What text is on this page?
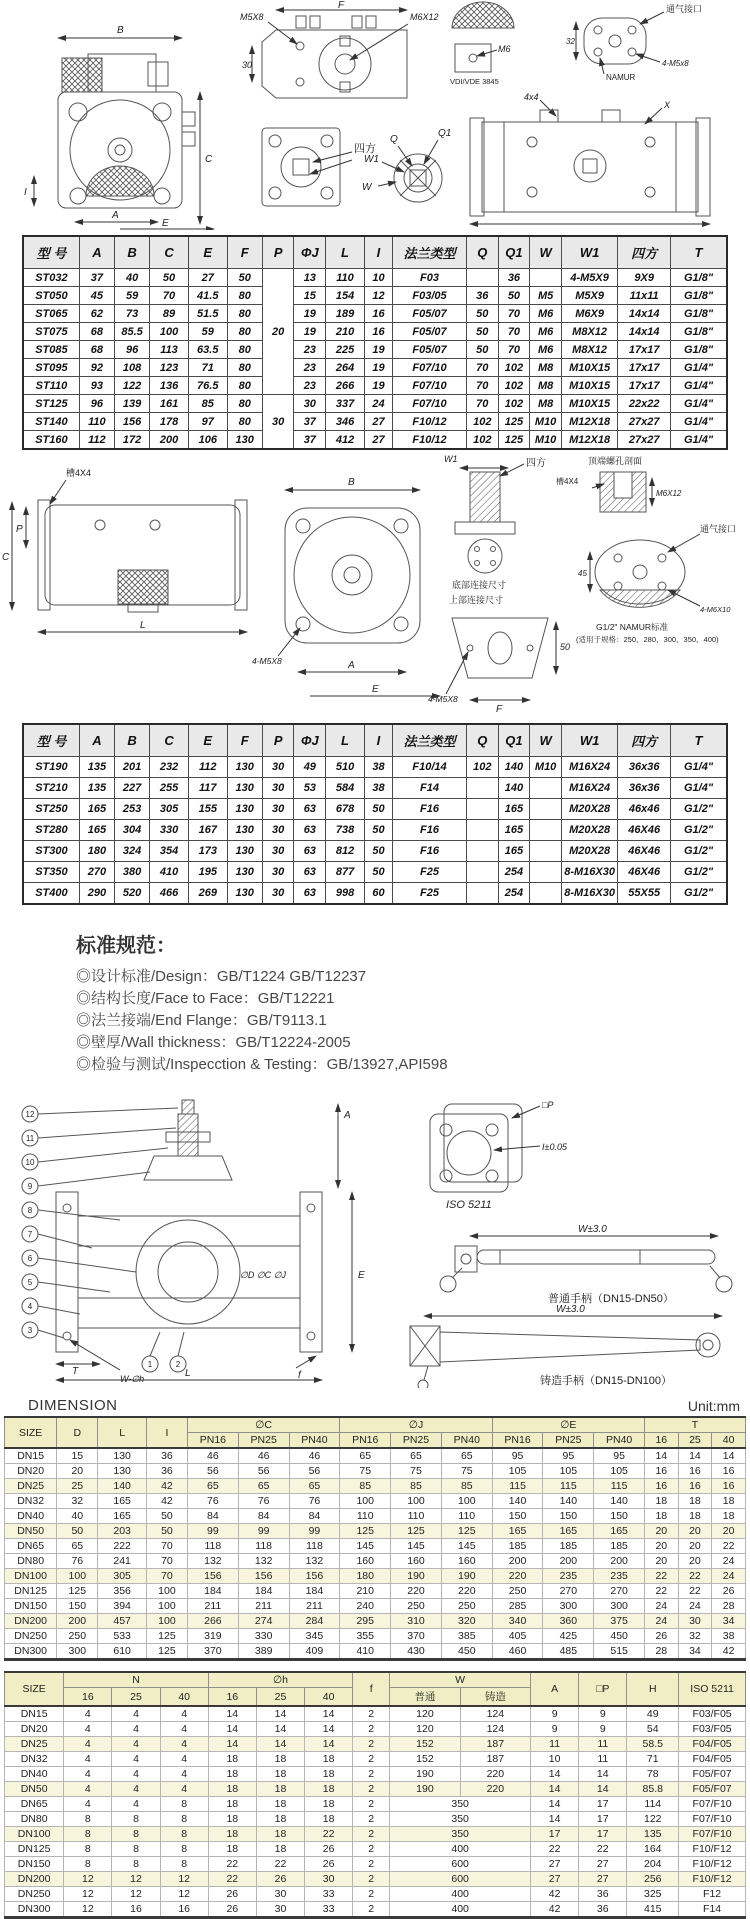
B
C
A
E
I
F
M5X8	M6X12
30
四方
Q
Q1
W1
W
M6
VDI/VDE 3845
4x4
通气接口
4-M5x8
32
NAMUR
X
型 号	A	B	C	E	F	P	ΦJ	L	I	法兰类型	Q	Q1	W	W1	四方	T
ST032	37	40	50	27	50	20	13	110	10	F03		36		4-M5X9	9X9	G1/8"
ST050	45	59	70	41.5	80		15	154	12	F03/05	36	50	M5	M5X9	11x11	G1/8"
ST065	62	73	89	51.5	80		19	189	16	F05/07	50	70	M6	M6X9	14x14	G1/8"
ST075	68	85.5	100	59	80		19	210	16	F05/07	50	70	M6	M8X12	14x14	G1/8"
ST085	68	96	113	63.5	80		23	225	19	F05/07	50	70	M6	M8X12	17x17	G1/8"
ST095	92	108	123	71	80		23	264	19	F07/10	70	102	M8	M10X15	17x17	G1/4"
ST110	93	122	136	76.5	80		23	266	19	F07/10	70	102	M8	M10X15	17x17	G1/4"
ST125	96	139	161	85	80	30	30	337	24	F07/10	70	102	M8	M10X15	22x22	G1/4"
ST140	110	156	178	97	80		37	346	27	F10/12	102	125	M10	M12X18	27x27	G1/4"
ST160	112	172	200	106	130		37	412	27	F10/12	102	125	M10	M12X18	27x27	G1/4"
槽4X4
P
C
L
B
A
E
4-M5X8
四方
W1
底部连接尺寸
上部连接尺寸
4-M5X8
F
50
顶端螺孔剖面
槽4X4
M6X12
通气接口
45
4-M6X10
G1/2" NAMUR标准
(适用于规格：250、280、300、350、400)
型 号	A	B	C	E	F	P	ΦJ	L	I	法兰类型	Q	Q1	W	W1	四方	T
ST190	135	201	232	112	130	30	49	510	38	F10/14	102	140	M10	M16X24	36x36	G1/4"
ST210	135	227	255	117	130	30	53	584	38	F14		140		M16X24	36x36	G1/4"
ST250	165	253	305	155	130	30	63	678	50	F16		165		M20X28	46x46	G1/2"
ST280	165	304	330	167	130	30	63	738	50	F16		165		M20X28	46X46	G1/2"
ST300	180	324	354	173	130	30	63	812	50	F16		165		M20X28	46X46	G1/2"
ST350	270	380	410	195	130	30	63	877	50	F25		254		8-M16X30	46X46	G1/2"
ST400	290	520	466	269	130	30	63	998	60	F25		254		8-M16X30	55X55	G1/2"
标准规范：
◎设计标准/Design：GB/T1224 GB/T12237
◎结构长度/Face to Face：GB/T12221
◎法兰接端/End Flange：GB/T9113.1
◎壁厚/Wall thickness：GB/T12224-2005
◎检验与测试/Inspecction & Testing：GB/13927,API598
A
E
∅D ∅C ∅J
T
W-∅h	L	f
12
11
10
9
8
7
6
5
4
3
1	2
□P
I±0.05
ISO 5211
W±3.0
普通手柄（DN15-DN50）
W±3.0
铸造手柄（DN15-DN100）
DIMENSION	Unit:mm
SIZE	D	L	I	∅C			∅J			∅E			T		
				PN16	PN25	PN40	PN16	PN25	PN40	PN16	PN25	PN40	16	25	40
DN15	15	130	36	46	46	46	65	65	65	95	95	95	14	14	14
DN20	20	130	36	56	56	56	75	75	75	105	105	105	16	16	16
DN25	25	140	42	65	65	65	85	85	85	115	115	115	16	16	16
DN32	32	165	42	76	76	76	100	100	100	140	140	140	18	18	18
DN40	40	165	50	84	84	84	110	110	110	150	150	150	18	18	18
DN50	50	203	50	99	99	99	125	125	125	165	165	165	20	20	20
DN65	65	222	70	118	118	118	145	145	145	185	185	185	20	20	22
DN80	76	241	70	132	132	132	160	160	160	200	200	200	20	20	24
DN100	100	305	70	156	156	156	180	190	190	220	235	235	22	22	24
DN125	125	356	100	184	184	184	210	220	220	250	270	270	22	22	26
DN150	150	394	100	211	211	211	240	250	250	285	300	300	24	24	28
DN200	200	457	100	266	274	284	295	310	320	340	360	375	24	30	34
DN250	250	533	125	319	330	345	355	370	385	405	425	450	26	32	38
DN300	300	610	125	370	389	409	410	430	450	460	485	515	28	34	42
SIZE	N			∅h			f	W		A	□P	H	ISO 5211
	16	25	40	16	25	40		普通	铸造				
DN15	4	4	4	14	14	14	2	120	124	9	9	49	F03/F05
DN20	4	4	4	14	14	14	2	120	124	9	9	54	F03/F05
DN25	4	4	4	14	14	14	2	152	187	11	11	58.5	F04/F05
DN32	4	4	4	18	18	18	2	152	187	10	11	71	F04/F05
DN40	4	4	4	18	18	18	2	190	220	14	14	78	F05/F07
DN50	4	4	4	18	18	18	2	190	220	14	14	85.8	F05/F07
DN65	4	4	8	18	18	18	2	350		14	17	114	F07/F10
DN80	8	8	8	18	18	18	2	350		14	17	122	F07/F10
DN100	8	8	8	18	18	22	2	350		17	17	135	F07/F10
DN125	8	8	8	18	18	26	2	400		22	22	164	F10/F12
DN150	8	8	8	22	22	26	2	600		27	27	204	F10/F12
DN200	12	12	12	22	26	30	2	600		27	27	256	F10/F12
DN250	12	12	12	26	30	33	2	400		42	36	325	F12
DN300	12	16	16	26	30	33	2	400		42	36	415	F14
